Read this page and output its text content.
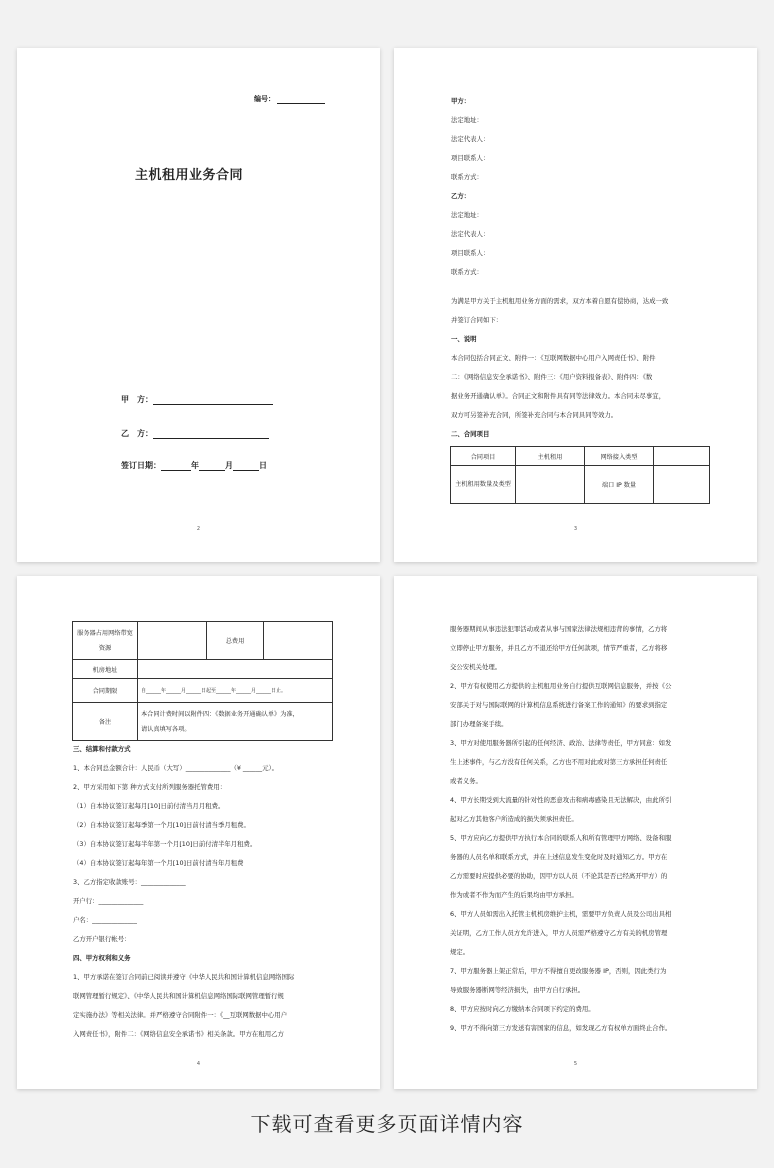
编号：
主机租用业务合同
甲　方：
乙　方：
签订日期：	年	月	日
2

甲方：

法定地址：

法定代表人：

项目联系人：

联系方式：

乙方：

法定地址：

法定代表人：

项目联系人：

联系方式：

为满足甲方关于主机租用业务方面的需求，双方本着自愿有偿协商，达成一致

并签订合同如下：

一、说明

本合同包括合同正文、附件一：《互联网数据中心用户入网责任书》、附件

二：《网络信息安全承诺书》、附件三：《用户资料报备表》、附件四：《数

据业务开通确认单》。合同正文和附件具有同等法律效力。本合同未尽事宜，

双方可另签补充合同，所签补充合同与本合同具同等效力。

二、合同项目

合同项目	主机租用	网络接入类型	
主机租用数量及类型		端口 IP 数量	
3
服务器占用网络带宽资源		总费用	
机房地址			
合同期限	自______年______月______日起至______年______月______日止。		
备注	本合同计费时间以附件四：《数据业务开通确认单》为准，
请认真填写各项。		

三、结算和付款方式

1、本合同总金额合计：人民币（大写）______________（¥ ______元）。

2、甲方采用如下第 种方式支付所列服务器托管费用：

（1）自本协议签订起每月[10]日前付清当月月租费。

（2）自本协议签订起每季第一个月[10]日前付清当季月租费。

（3）自本协议签订起每半年第一个月[10]日前付清半年月租费。

（4）自本协议签订起每年第一个月[10]日前付清当年月租费

3、乙方指定收款账号：______________

开户行：______________

户名：______________

乙方开户银行帐号：

四、甲方权利和义务

1、甲方承诺在签订合同前已阅读并遵守《中华人民共和国计算机信息网络国际

联网管理暂行规定》、《中华人民共和国计算机信息网络国际联网管理暂行规

定实施办法》等相关法律。并严格遵守合同附件一：《__互联网数据中心用户

入网责任书》，附件二：《网络信息安全承诺书》相关条款。甲方在租用乙方

4

服务器期间从事违法犯罪活动或者从事与国家法律法规相违背的事情，乙方将

立即停止甲方服务，并且乙方不退还给甲方任何款项，情节严重者，乙方将移

交公安机关处理。

2、甲方有权使用乙方提供的主机租用业务自行提供互联网信息服务，并按《公

安部关于对与国际联网的计算机信息系统进行备案工作的通知》的要求到指定

部门办理备案手续。

3、甲方对使用服务器所引起的任何经济、政治、法律等责任，甲方同意：如发

生上述事件，与乙方没有任何关系，乙方也不用对此或对第三方承担任何责任

或者义务。

4、甲方长期受到大流量的针对性的恶意攻击和病毒感染且无法解决，由此所引

起对乙方其他客户所造成的损失须承担责任。

5、甲方应向乙方提供甲方执行本合同的联系人和所有管理甲方网络、设备和服

务器的人员名单和联系方式，并在上述信息发生变化时及时通知乙方。甲方在

乙方需要时应提供必要的协助，因甲方以人员（不论其是否已经离开甲方）的

作为或者不作为而产生的后果均由甲方承担。

6、甲方人员如需出入托管主机机房维护主机，需要甲方负责人员及公司出具相

关证明，乙方工作人员方允许进入，甲方人员需严格遵守乙方有关的机房管理

规定。

7、甲方服务器上架正常后，甲方不得擅自更改服务器 IP，否则，因此类行为

导致服务器断网等经济损失，由甲方自行承担。

8、甲方应按时向乙方缴纳本合同项下约定的费用。

9、甲方不得向第三方发送有害国家的信息，如发现乙方有权单方面终止合作。

5
下载可查看更多页面详情内容
